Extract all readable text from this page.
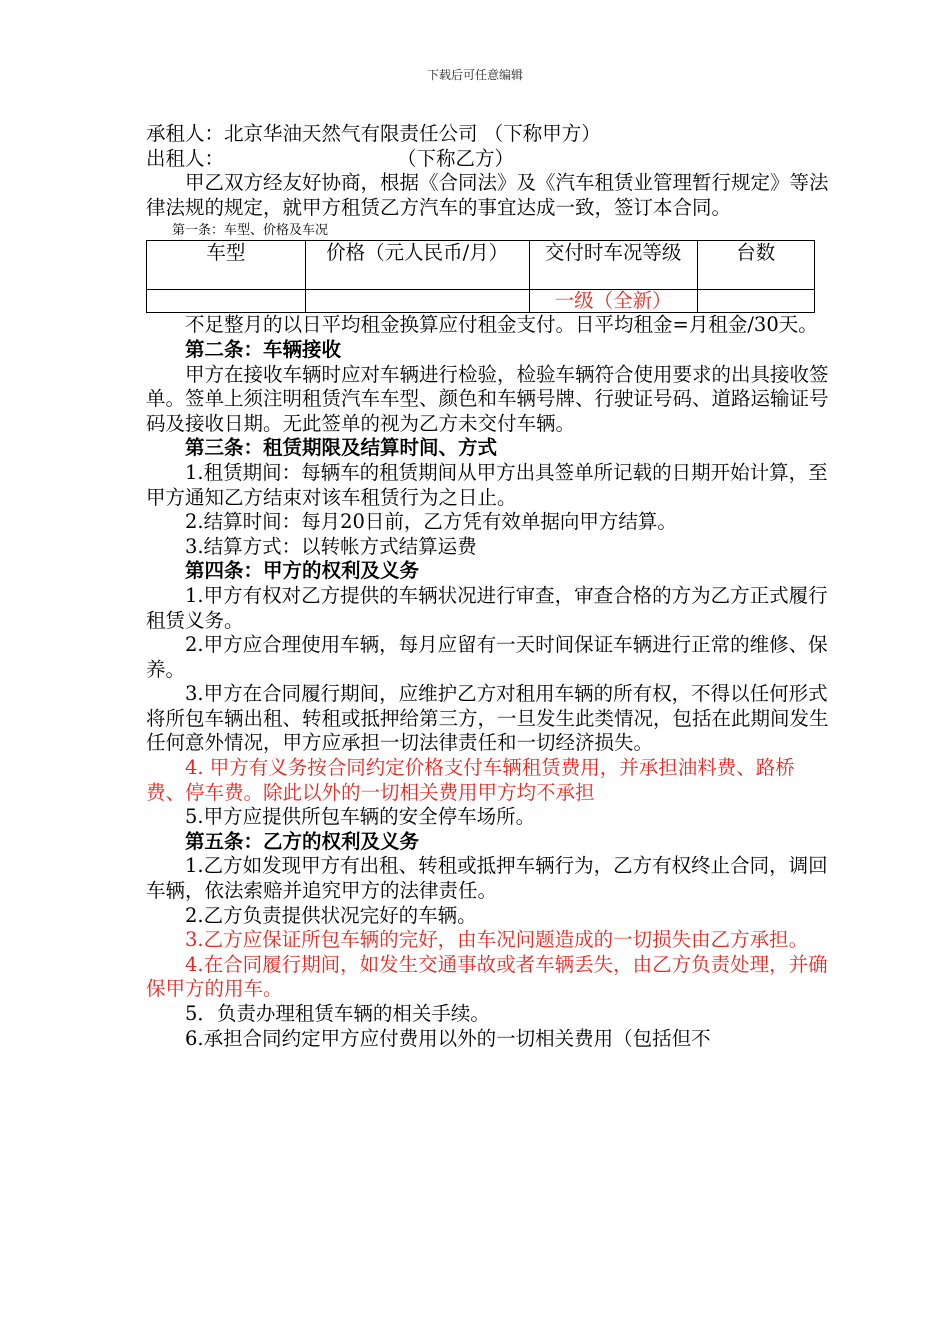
下载后可任意编辑

承租人：北京华油天然气有限责任公司 （下称甲方）

出租人：	（下称乙方）

甲乙双方经友好协商，根据《合同法》及《汽车租赁业管理暂行规定》等法律法规的规定，就甲方租赁乙方汽车的事宜达成一致，签订本合同。

第一条：车型、价格及车况

车型	价格（元人民币/月）	交付时车况等级	台数
		一级（全新）	

不足整月的以日平均租金换算应付租金支付。日平均租金=月租金/30天。

第二条：车辆接收

甲方在接收车辆时应对车辆进行检验，检验车辆符合使用要求的出具接收签单。签单上须注明租赁汽车车型、颜色和车辆号牌、行驶证号码、道路运输证号码及接收日期。无此签单的视为乙方未交付车辆。

第三条：租赁期限及结算时间、方式

1.租赁期间：每辆车的租赁期间从甲方出具签单所记载的日期开始计算，至甲方通知乙方结束对该车租赁行为之日止。

2.结算时间：每月20日前，乙方凭有效单据向甲方结算。

3.结算方式：以转帐方式结算运费

第四条：甲方的权利及义务

1.甲方有权对乙方提供的车辆状况进行审查，审查合格的方为乙方正式履行租赁义务。

2.甲方应合理使用车辆，每月应留有一天时间保证车辆进行正常的维修、保养。

3.甲方在合同履行期间，应维护乙方对租用车辆的所有权，不得以任何形式将所包车辆出租、转租或抵押给第三方，一旦发生此类情况，包括在此期间发生任何意外情况，甲方应承担一切法律责任和一切经济损失。

4. 甲方有义务按合同约定价格支付车辆租赁费用，并承担油料费、路桥费、停车费。除此以外的一切相关费用甲方均不承担

5.甲方应提供所包车辆的安全停车场所。

第五条：乙方的权利及义务

1.乙方如发现甲方有出租、转租或抵押车辆行为，乙方有权终止合同，调回车辆，依法索赔并追究甲方的法律责任。

2.乙方负责提供状况完好的车辆。

3.乙方应保证所包车辆的完好，由车况问题造成的一切损失由乙方承担。

4.在合同履行期间，如发生交通事故或者车辆丢失，由乙方负责处理，并确保甲方的用车。

5．负责办理租赁车辆的相关手续。

6.承担合同约定甲方应付费用以外的一切相关费用（包括但不
